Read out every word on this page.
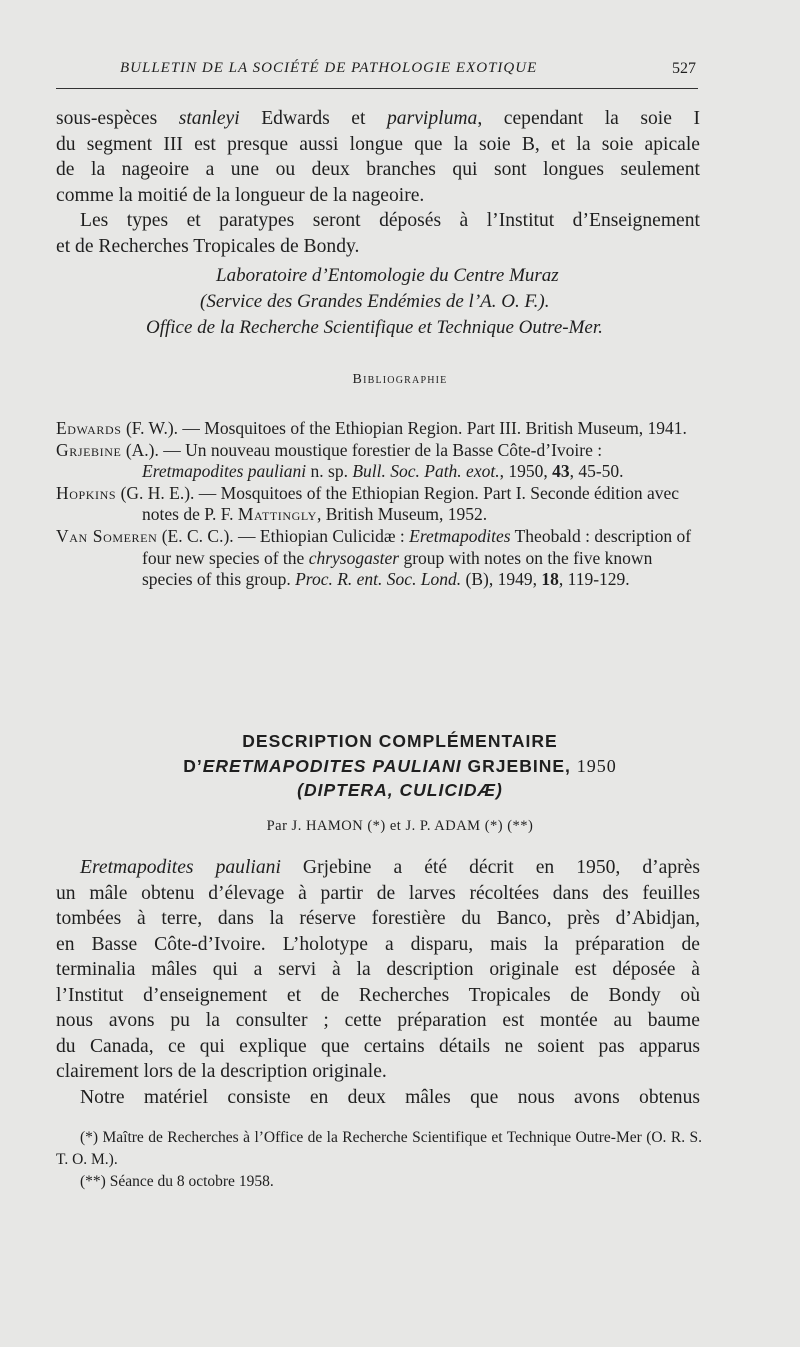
BULLETIN DE LA SOCIÉTÉ DE PATHOLOGIE EXOTIQUE	527
sous-espèces stanleyi Edwards et parvipluma, cependant la soie I
du segment III est presque aussi longue que la soie B, et la soie apicale
de la nageoire a une ou deux branches qui sont longues seulement
comme la moitié de la longueur de la nageoire.
Les types et paratypes seront déposés à l’Institut d’Enseignement
et de Recherches Tropicales de Bondy.
Laboratoire d’Entomologie du Centre Muraz
(Service des Grandes Endémies de l’A. O. F.).
Office de la Recherche Scientifique et Technique Outre-Mer.
Bibliographie

Edwards (F. W.). — Mosquitoes of the Ethiopian Region. Part III. British Museum, 1941.

Grjebine (A.). — Un nouveau moustique forestier de la Basse Côte-d’Ivoire : Eretmapodites pauliani n. sp. Bull. Soc. Path. exot., 1950, 43, 45-50.

Hopkins (G. H. E.). — Mosquitoes of the Ethiopian Region. Part I. Seconde édition avec notes de P. F. Mattingly, British Museum, 1952.

Van Someren (E. C. C.). — Ethiopian Culicidæ : Eretmapodites Theobald : description of four new species of the chrysogaster group with notes on the five known species of this group. Proc. R. ent. Soc. Lond. (B), 1949, 18, 119-129.

DESCRIPTION COMPLÉMENTAIRE
D’ERETMAPODITES PAULIANI GRJEBINE, 1950
(DIPTERA, CULICIDÆ)
Par J. HAMON (*) et J. P. ADAM (*) (**)
Eretmapodites pauliani Grjebine a été décrit en 1950, d’après
un mâle obtenu d’élevage à partir de larves récoltées dans des feuilles
tombées à terre, dans la réserve forestière du Banco, près d’Abidjan,
en Basse Côte-d’Ivoire. L’holotype a disparu, mais la préparation de
terminalia mâles qui a servi à la description originale est déposée à
l’Institut d’enseignement et de Recherches Tropicales de Bondy où
nous avons pu la consulter ; cette préparation est montée au baume
du Canada, ce qui explique que certains détails ne soient pas apparus
clairement lors de la description originale.
Notre matériel consiste en deux mâles que nous avons obtenus
(*) Maître de Recherches à l’Office de la Recherche Scientifique et Technique Outre-Mer (O. R. S. T. O. M.).
(**) Séance du 8 octobre 1958.
